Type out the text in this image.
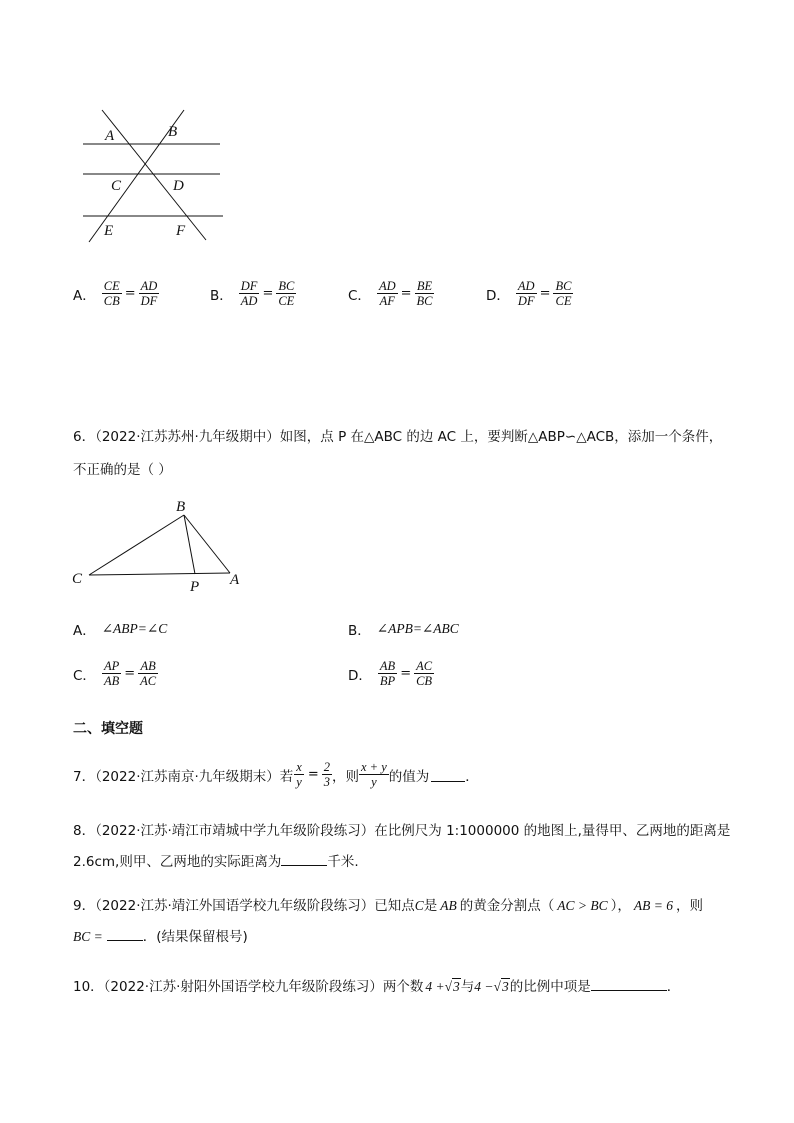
A	B
C	D
E	F
A． $\frac{CE}{CB} = \frac{AD}{DF}$	B． $\frac{DF}{AD} = \frac{BC}{CE}$	C． $\frac{AD}{AF} = \frac{BE}{BC}$	D． $\frac{AD}{DF} = \frac{BC}{CE}$
6．（2022·江苏苏州·九年级期中）如图，点 P 在△ABC 的边 AC 上，要判断△ABP∽△ACB，添加一个条件，
不正确的是（ ）
B
C	P A
A． ∠ABP=∠C	B． ∠APB=∠ABC
C． $\frac{AP}{AB} = \frac{AB}{AC}$	D． $\frac{AB}{BP} = \frac{AC}{CB}$
二、填空题
7．（2022·江苏南京·九年级期末）若 $\frac{x}{y} = \frac{2}{3}$ ，则 $\frac{x + y}{y}$ 的值为	．
8．（2022·江苏·靖江市靖城中学九年级阶段练习）在比例尺为 1:1000000 的地图上,量得甲、乙两地的距离是
2.6cm,则甲、乙两地的实际距离为	千米.
9．（2022·江苏·靖江外国语学校九年级阶段练习）已知点C是 AB 的黄金分割点（ AC > BC ）， AB = 6 ，则
BC =	．(结果保留根号)
10．（2022·江苏·射阳外国语学校九年级阶段练习）两个数 4 +√3与4 −√3的比例中项是	．
